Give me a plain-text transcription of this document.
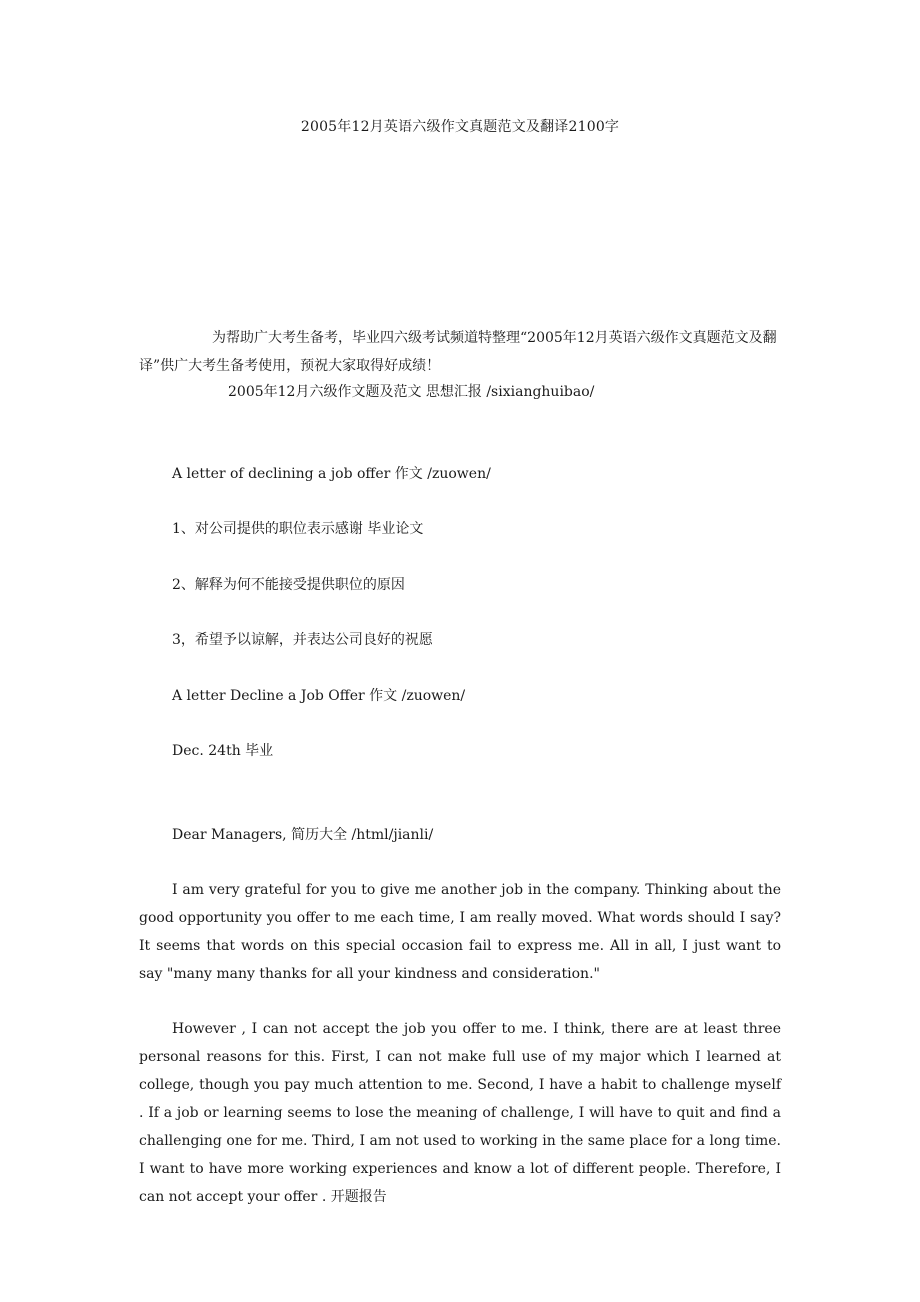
2005年12月英语六级作文真题范文及翻译2100字
为帮助广大考生备考，毕业四六级考试频道特整理“2005年12月英语六级作文真题范文及翻译”供广大考生备考使用，预祝大家取得好成绩！
2005年12月六级作文题及范文 思想汇报 /sixianghuibao/
A letter of declining a job offer 作文 /zuowen/
1、对公司提供的职位表示感谢 毕业论文
2、解释为何不能接受提供职位的原因
3，希望予以谅解，并表达公司良好的祝愿
A letter Decline a Job Offer 作文 /zuowen/
Dec. 24th 毕业
Dear Managers, 简历大全 /html/jianli/
I am very grateful for you to give me another job in the company. Thinking about the good opportunity you offer to me each time, I am really moved. What words should I say? It seems that words on this special occasion fail to express me. All in all, I just want to say "many many thanks for all your kindness and consideration."
However , I can not accept the job you offer to me. I think, there are at least three personal reasons for this. First, I can not make full use of my major which I learned at college, though you pay much attention to me. Second, I have a habit to challenge myself . If a job or learning seems to lose the meaning of challenge, I will have to quit and find a challenging one for me. Third, I am not used to working in the same place for a long time. I want to have more working experiences and know a lot of different people. Therefore, I can not accept your offer . 开题报告
